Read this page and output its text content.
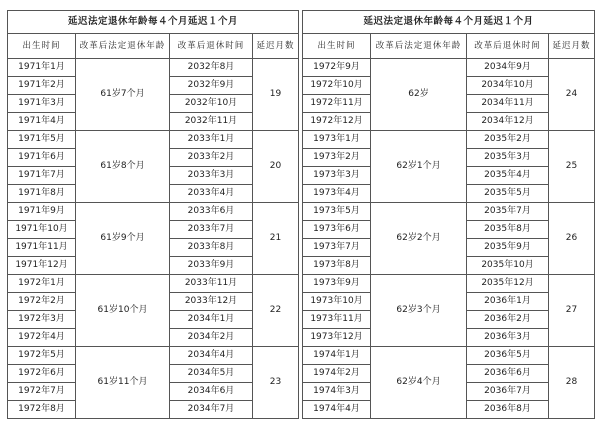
延迟法定退休年龄每４个月延迟１个月			
出生时间	改革后法定退休年龄	改革后退休时间	延迟月数
1971年1月	61岁7个月	2032年8月	19
1971年2月		2032年9月	
1971年3月		2032年10月	
1971年4月		2032年11月	
1971年5月	61岁8个月	2033年1月	20
1971年6月		2033年2月	
1971年7月		2033年3月	
1971年8月		2033年4月	
1971年9月	61岁9个月	2033年6月	21
1971年10月		2033年7月	
1971年11月		2033年8月	
1971年12月		2033年9月	
1972年1月	61岁10个月	2033年11月	22
1972年2月		2033年12月	
1972年3月		2034年1月	
1972年4月		2034年2月	
1972年5月	61岁11个月	2034年4月	23
1972年6月		2034年5月	
1972年7月		2034年6月	
1972年8月		2034年7月	
延迟法定退休年龄每４个月延迟１个月			
出生时间	改革后法定退休年龄	改革后退休时间	延迟月数
1972年9月	62岁	2034年9月	24
1972年10月		2034年10月	
1972年11月		2034年11月	
1972年12月		2034年12月	
1973年1月	62岁1个月	2035年2月	25
1973年2月		2035年3月	
1973年3月		2035年4月	
1973年4月		2035年5月	
1973年5月	62岁2个月	2035年7月	26
1973年6月		2035年8月	
1973年7月		2035年9月	
1973年8月		2035年10月	
1973年9月	62岁3个月	2035年12月	27
1973年10月		2036年1月	
1973年11月		2036年2月	
1973年12月		2036年3月	
1974年1月	62岁4个月	2036年5月	28
1974年2月		2036年6月	
1974年3月		2036年7月	
1974年4月		2036年8月	
